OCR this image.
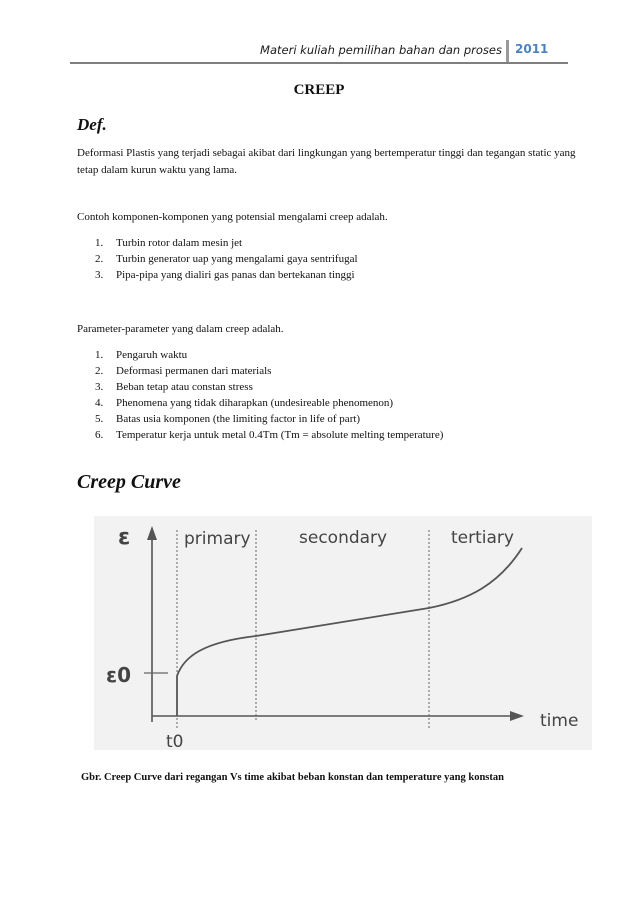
Materi kuliah pemilihan bahan dan proses 2011
CREEP
Def.
Deformasi Plastis yang terjadi sebagai akibat dari lingkungan yang bertemperatur tinggi dan tegangan static yang tetap dalam kurun waktu yang lama.
Contoh komponen-komponen yang potensial mengalami creep adalah.
1. Turbin rotor dalam mesin jet
2. Turbin generator uap yang mengalami gaya sentrifugal
3. Pipa-pipa yang dialiri gas panas dan bertekanan tinggi
Parameter-parameter yang dalam creep adalah.
1. Pengaruh waktu
2. Deformasi permanen dari materials
3. Beban tetap atau constan stress
4. Phenomena yang tidak diharapkan (undesireable phenomenon)
5. Batas usia komponen (the limiting factor in life of part)
6. Temperatur kerja untuk metal 0.4Tm (Tm = absolute melting temperature)
Creep Curve
ε
ε0
time
t0
primary	secondary	tertiary
Gbr. Creep Curve dari regangan Vs time akibat beban konstan dan temperature yang konstan
